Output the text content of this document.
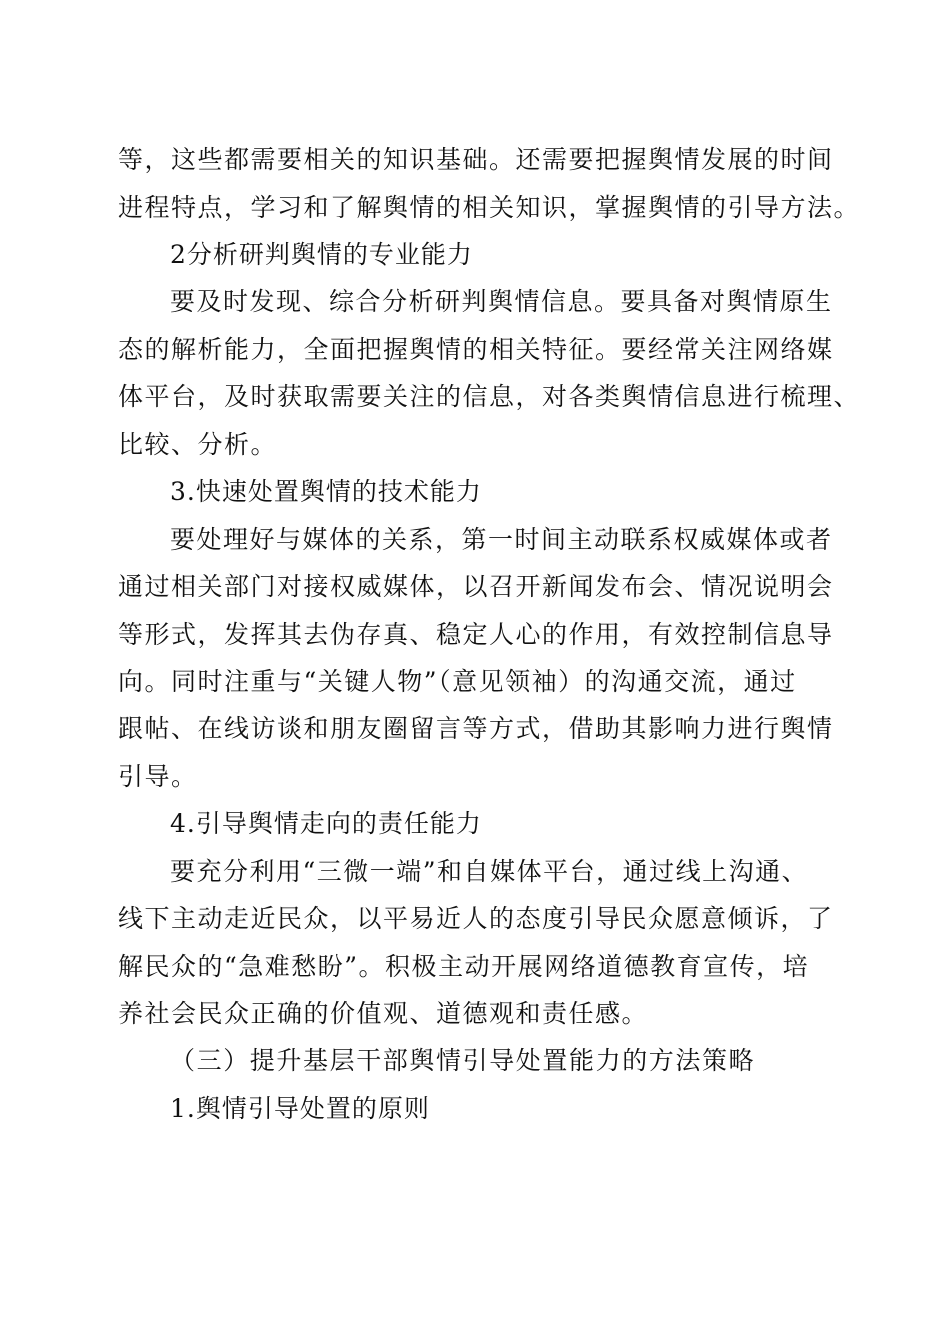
等，这些都需要相关的知识基础。还需要把握舆情发展的时间
进程特点，学习和了解舆情的相关知识，掌握舆情的引导方法。
2分析研判舆情的专业能力
要及时发现、综合分析研判舆情信息。要具备对舆情原生
态的解析能力，全面把握舆情的相关特征。要经常关注网络媒
体平台，及时获取需要关注的信息，对各类舆情信息进行梳理、
比较、分析。
3.快速处置舆情的技术能力
要处理好与媒体的关系，第一时间主动联系权威媒体或者
通过相关部门对接权威媒体，以召开新闻发布会、情况说明会
等形式，发挥其去伪存真、稳定人心的作用，有效控制信息导
向。同时注重与“关键人物”（意见领袖）的沟通交流，通过
跟帖、在线访谈和朋友圈留言等方式，借助其影响力进行舆情
引导。
4.引导舆情走向的责任能力
要充分利用“三微一端”和自媒体平台，通过线上沟通、
线下主动走近民众，以平易近人的态度引导民众愿意倾诉，了
解民众的“急难愁盼”。积极主动开展网络道德教育宣传，培
养社会民众正确的价值观、道德观和责任感。
（三）提升基层干部舆情引导处置能力的方法策略
1.舆情引导处置的原则
